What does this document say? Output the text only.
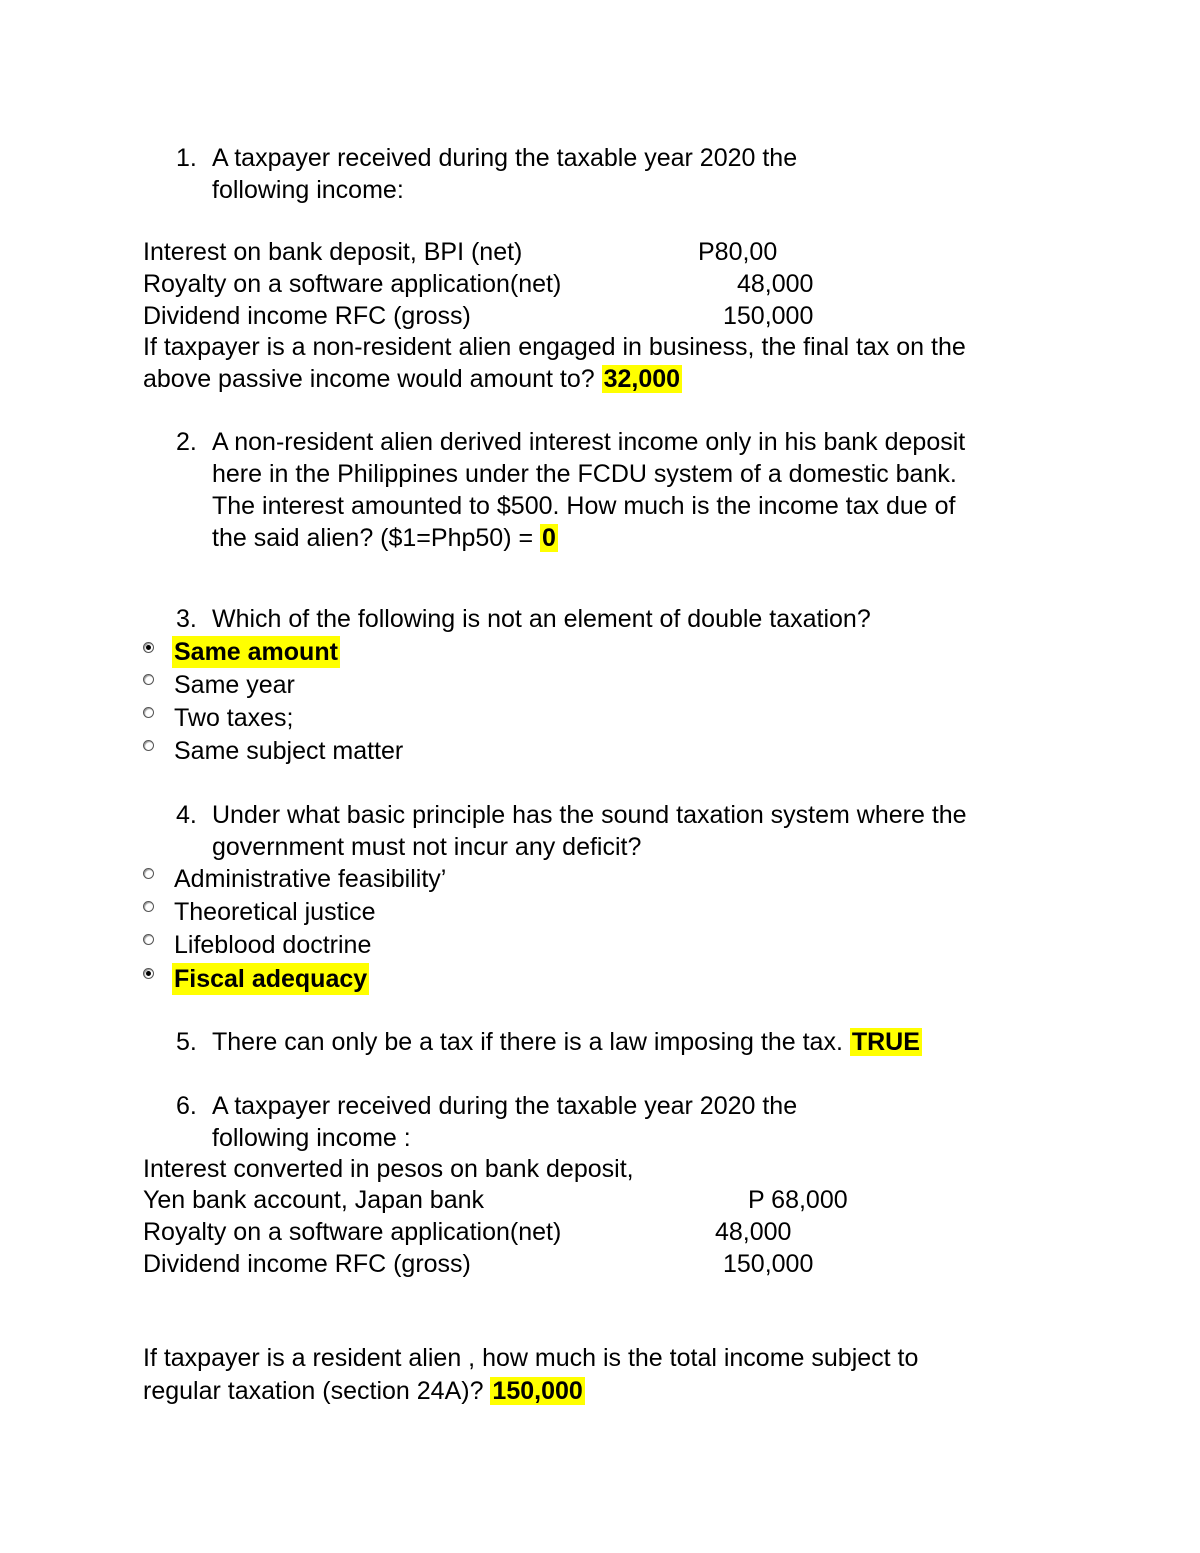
1. A taxpayer received during the taxable year 2020 the
following income:
Interest on bank deposit, BPI (net)	P80,00
Royalty on a software application(net)	48,000
Dividend income RFC (gross)	150,000
If taxpayer is a non-resident alien engaged in business, the final tax on the
above passive income would amount to? 32,000
2. A non-resident alien derived interest income only in his bank deposit
here in the Philippines under the FCDU system of a domestic bank.
The interest amounted to $500. How much is the income tax due of
the said alien? ($1=Php50) = 0
3. Which of the following is not an element of double taxation?
Same amount
Same year
Two taxes;
Same subject matter
4. Under what basic principle has the sound taxation system where the
government must not incur any deficit?
Administrative feasibility’
Theoretical justice
Lifeblood doctrine
Fiscal adequacy
5. There can only be a tax if there is a law imposing the tax. TRUE
6. A taxpayer received during the taxable year 2020 the
following income :
Interest converted in pesos on bank deposit,
Yen bank account, Japan bank	P 68,000
Royalty on a software application(net)	48,000
Dividend income RFC (gross)	150,000
If taxpayer is a resident alien , how much is the total income subject to
regular taxation (section 24A)? 150,000
